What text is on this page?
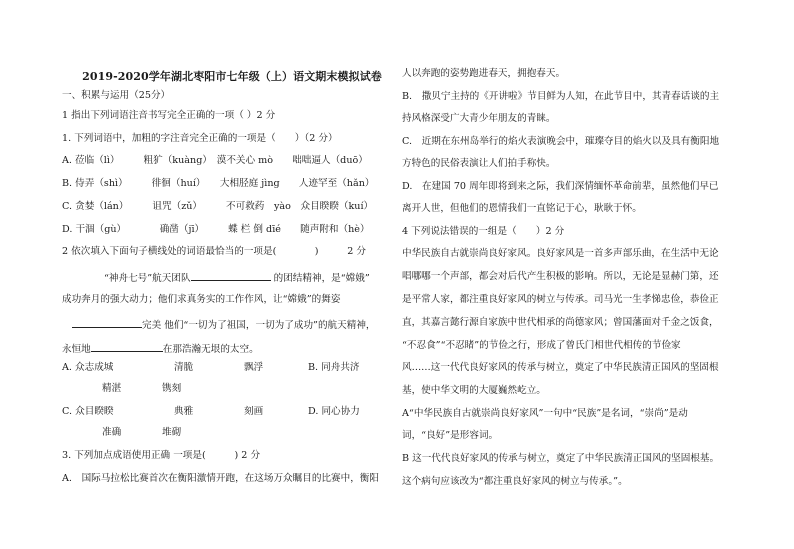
2019-2020学年湖北枣阳市七年级（上）语文期末模拟试卷
一、积累与运用（25分）
1 指出下列词语注音书写完全正确的一项（ ）2 分
1. 下列词语中，加粗的字注音完全正确的一项是（　　）（2 分）
A. 莅临（lì）　　　粗犷（kuàng）　漠不关心 mò　　咄咄逼人（duō）
B. 侍弄（shì）　　　徘徊（huí）　　大相胫庭 jìng　　人迹罕至（hǎn）
C. 贪婪（lán）　　　诅咒（zǔ）　　　不可救药　yào　众目睽睽（kuí）
D. 干涸（gù）　　　　确凿（jī）　　　蝶 栏 倒 dīé　　随声附和（hè）
2 依次填入下面句子横线处的词语最恰当的一项是(　　　　)　　　2 分
“神舟七号”航天团队	的团结精神，是“嫦娥”
成功奔月的强大动力；他们求真务实的工作作风，让“嫦娥”的舞姿
完美 他们“一切为了祖国，一切为了成功”的航天精神，
永恒地	在那浩瀚无垠的太空。
A. 众志成城	清脆	飘浮	B. 同舟共济
精湛	镌刻
C. 众目睽睽	典雅	刻画	D. 同心协力
准确	堆砌
3. 下列加点成语使用正确 一项是(　　　) 2 分
A.　国际马拉松比赛首次在衡阳激情开跑，在这场万众瞩目的比赛中，衡阳
人以奔跑的姿势跑进春天，拥抱春天。
B.　撒贝宁主持的《开讲啦》节目鲜为人知，在此节目中，其青春话谈的主
持风格深受广大青少年朋友的青睐。
C.　近期在东州岛举行的焰火表演晚会中，璀璨夺目的焰火以及具有衡阳地
方特色的民俗表演让人们拍手称快。
D.　在建国 70 周年即将到来之际，我们深情缅怀革命前辈，虽然他们早已
离开人世，但他们的恩情我们一直铭记于心，耿耿于怀。
4 下列说法错误的一组是（　　）2 分
中华民族自古就崇尚良好家风。良好家风是一首多声部乐曲，在生活中无论
唱哪哪一个声部，都会对后代产生积极的影响。所以，无论是显赫门第，还
是平常人家，都注重良好家风的树立与传承。司马光一生孝悌忠俭，恭俭正
直，其嘉言懿行源自家族中世代相承的尚德家风；曾国藩面对千金之饭食，
“不忍食”“不忍睹”的节俭之行，形成了曾氏门相世代相传的节俭家
风……这一代代良好家风的传承与树立，奠定了中华民族清正国风的坚固根
基，使中华文明的大厦巍然屹立。
A“中华民族自古就崇尚良好家风”一句中“民族”是名词，“崇尚”是动
词，“良好”是形容词。
B 这一代代良好家风的传承与树立，奠定了中华民族清正国风的坚固根基。
这个病句应该改为“都注重良好家风的树立与传承。”。
